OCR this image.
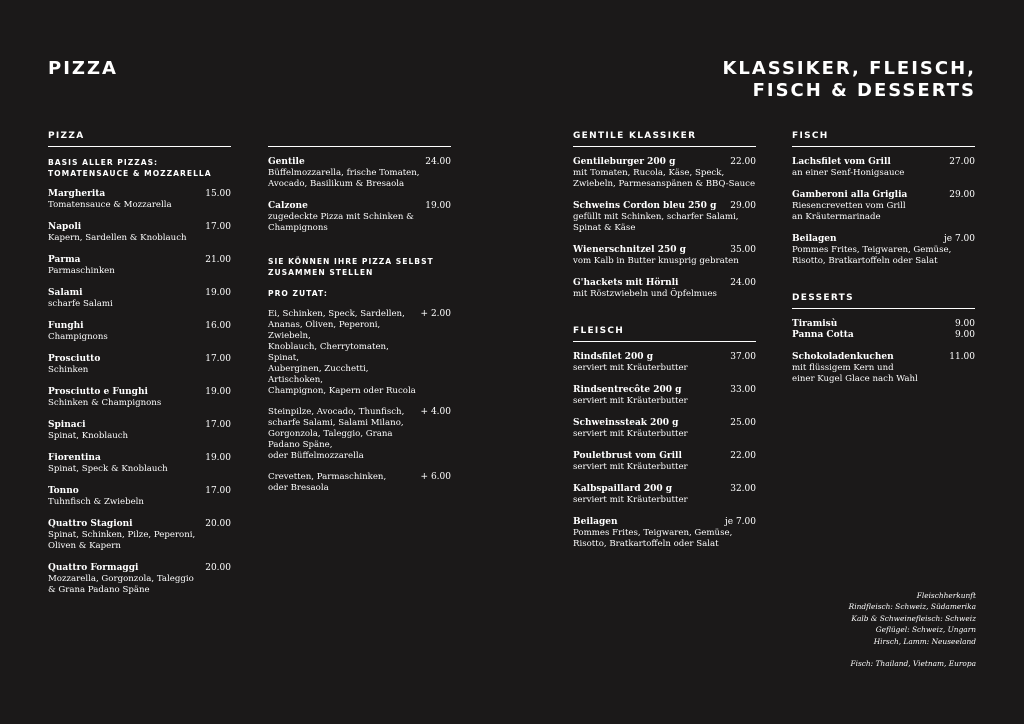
PIZZA	KLASSIKER, FLEISCH,
FISCH & DESSERTS
PIZZA
BASIS ALLER PIZZAS:
TOMATENSAUCE & MOZZARELLA
Margherita	15.00
Tomatensauce & Mozzarella
Napoli	17.00
Kapern, Sardellen & Knoblauch
Parma	21.00
Parmaschinken
Salami	19.00
scharfe Salami
Funghi	16.00
Champignons
Prosciutto	17.00
Schinken
Prosciutto e Funghi	19.00
Schinken & Champignons
Spinaci	17.00
Spinat, Knoblauch
Fiorentina	19.00
Spinat, Speck & Knoblauch
Tonno	17.00
Tuhnfisch & Zwiebeln
Quattro Stagioni	20.00
Spinat, Schinken, Pilze, Peperoni,
Oliven & Kapern
Quattro Formaggi	20.00
Mozzarella, Gorgonzola, Taleggio
& Grana Padano Späne
Gentile	24.00
Büffelmozzarella, frische Tomaten,
Avocado, Basilikum & Bresaola
Calzone	19.00
zugedeckte Pizza mit Schinken & Champignons
SIE KÖNNEN IHRE PIZZA SELBST
ZUSAMMEN STELLEN
PRO ZUTAT:
Ei, Schinken, Speck, Sardellen,
Ananas, Oliven, Peperoni, Zwiebeln,
Knoblauch, Cherrytomaten, Spinat,
Auberginen, Zucchetti, Artischoken,
Champignon, Kapern oder Rucola
+ 2.00
Steinpilze, Avocado, Thunfisch,
scharfe Salami, Salami Milano,
Gorgonzola, Taleggio, Grana Padano Späne,
oder Büffelmozzarella
+ 4.00
Crevetten, Parmaschinken,
oder Bresaola
+ 6.00
GENTILE KLASSIKER
Gentileburger 200 g	22.00
mit Tomaten, Rucola, Käse, Speck,
Zwiebeln, Parmesanspänen & BBQ-Sauce
Schweins Cordon bleu 250 g 29.00
gefüllt mit Schinken, scharfer Salami,
Spinat & Käse
Wienerschnitzel 250 g	35.00
vom Kalb in Butter knusprig gebraten
G'hackets mit Hörnli	24.00
mit Röstzwiebeln und Öpfelmues
FLEISCH
Rindsfilet 200 g	37.00
serviert mit Kräuterbutter
Rindsentrecôte 200 g	33.00
serviert mit Kräuterbutter
Schweinssteak 200 g	25.00
serviert mit Kräuterbutter
Pouletbrust vom Grill	22.00
serviert mit Kräuterbutter
Kalbspaillard 200 g	32.00
serviert mit Kräuterbutter
Beilagen	je 7.00
Pommes Frites, Teigwaren, Gemüse,
Risotto, Bratkartoffeln oder Salat
FISCH
Lachsfilet vom Grill	27.00
an einer Senf-Honigsauce
Gamberoni alla Griglia	29.00
Riesencrevetten vom Grill
an Kräutermarinade
Beilagen	je 7.00
Pommes Frites, Teigwaren, Gemüse,
Risotto, Bratkartoffeln oder Salat
DESSERTS
Tiramisù	9.00
Panna Cotta	9.00
Schokoladenkuchen	11.00
mit flüssigem Kern und
einer Kugel Glace nach Wahl
Fleischherkunft
Rindfleisch: Schweiz, Südamerika
Kalb & Schweinefleisch: Schweiz
Geflügel: Schweiz, Ungarn
Hirsch, Lamm: Neuseeland
Fisch: Thailand, Vietnam, Europa
